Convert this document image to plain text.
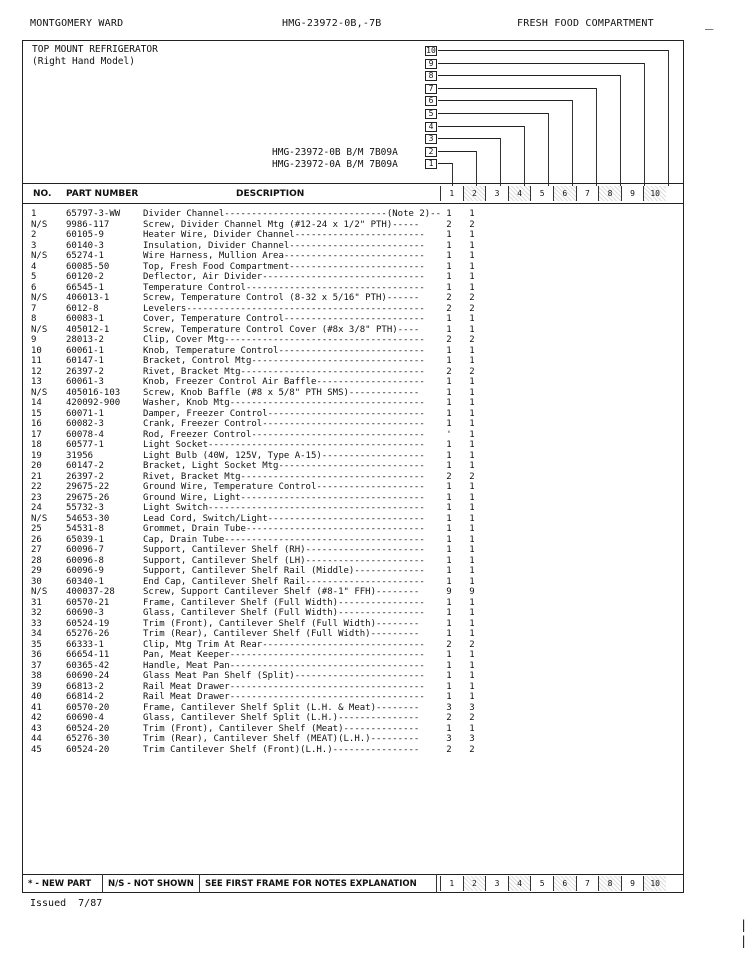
MONTGOMERY WARD	HMG-23972-0B,-7B	FRESH FOOD COMPARTMENT	_
TOP MOUNT REFRIGERATOR
(Right Hand Model)
HMG-23972-0B B/M 7B09A
HMG-23972-0A B/M 7B09A
10
9
8
7
6
5
4
3
2
1
NO. PART NUMBER	DESCRIPTION	1	2	3	4	5	6	7	8	9	10
1	65797-3-WW	Divider Channel------------------------------(Note 2)-- 1 1
N/S 9986-117	Screw, Divider Channel Mtg (#12-24 x 1/2" PTH)-----	2 2
2	60105-9	Heater Wire, Divider Channel------------------------ 1 1
3	60140-3	Insulation, Divider Channel------------------------- 1 1
N/S 65274-1	Wire Harness, Mullion Area-------------------------- 1 1
4	60085-50	Top, Fresh Food Compartment------------------------- 1 1
5	60120-2	Deflector, Air Divider------------------------------ 1 1
6	66545-1	Temperature Control--------------------------------- 1 1
N/S 406013-1	Screw, Temperature Control (8-32 x 5/16" PTH)------	2 2
7	6012-8	Levelers-------------------------------------------- 2 2
8	60083-1	Cover, Temperature Control-------------------------- 1 1
N/S 405012-1	Screw, Temperature Control Cover (#8x 3/8" PTH)----	1 1
9	28013-2	Clip, Cover Mtg------------------------------------- 2 2
10	60061-1	Knob, Temperature Control--------------------------- 1 1
11	60147-1	Bracket, Control Mtg-------------------------------- 1 1
12	26397-2	Rivet, Bracket Mtg---------------------------------- 2 2
13	60061-3	Knob, Freezer Control Air Baffle-------------------- 1 1
N/S 405016-103	Screw, Knob Baffle (#8 x 5/8" PTH SMS)-------------	1 1
14	420092-900	Washer, Knob Mtg------------------------------------ 1 1
15	60071-1	Damper, Freezer Control----------------------------- 1 1
16	60082-3	Crank, Freezer Control------------------------------ 1 1
17	60078-4	Rod, Freezer Control-------------------------------- ' 1
18	60577-1	Light Socket---------------------------------------- 1 1
19	31956	Light Bulb (40W, 125V, Type A-15)------------------- 1 1
20	60147-2	Bracket, Light Socket Mtg--------------------------- 1 1
21	26397-2	Rivet, Bracket Mtg---------------------------------- 2 2
22	29675-22	Ground Wire, Temperature Control-------------------- 1 1
23	29675-26	Ground Wire, Light---------------------------------- 1 1
24	55732-3	Light Switch---------------------------------------- 1 1
N/S 54653-30	Lead Cord, Switch/Light----------------------------- 1 1
25	54531-8	Grommet, Drain Tube--------------------------------- 1 1
26	65039-1	Cap, Drain Tube------------------------------------- 1 1
27	60096-7	Support, Cantilever Shelf (RH)---------------------- 1 1
28	60096-8	Support, Cantilever Shelf (LH)---------------------- 1 1
29	60096-9	Support, Cantilever Shelf Rail (Middle)------------- 1 1
30	60340-1	End Cap, Cantilever Shelf Rail---------------------- 1 1
N/S 400037-28	Screw, Support Cantilever Shelf (#8-1" FFH)--------	9 9
31	60570-21	Frame, Cantilever Shelf (Full Width)---------------- 1 1
32	60690-3	Glass, Cantilever Shelf (Full Width)---------------- 1 1
33	60524-19	Trim (Front), Cantilever Shelf (Full Width)--------	1 1
34	65276-26	Trim (Rear), Cantilever Shelf (Full Width)---------	1 1
35	66333-1	Clip, Mtg Trim At Rear------------------------------ 2 2
36	66654-11	Pan, Meat Keeper------------------------------------ 1 1
37	60365-42	Handle, Meat Pan------------------------------------ 1 1
38	60690-24	Glass Meat Pan Shelf (Split)------------------------ 1 1
39	66813-2	Rail Meat Drawer------------------------------------ 1 1
40	66814-2	Rail Meat Drawer------------------------------------ 1 1
41	60570-20	Frame, Cantilever Shelf Split (L.H. & Meat)--------	3 3
42	60690-4	Glass, Cantilever Shelf Split (L.H.)---------------	2 2
43	60524-20	Trim (Front), Cantilever Shelf (Meat)--------------	1 1
44	65276-30	Trim (Rear), Cantilever Shelf (MEAT)(L.H.)---------	3 3
45	60524-20	Trim Cantilever Shelf (Front)(L.H.)----------------	2 2
* - NEW PART N/S - NOT SHOWN SEE FIRST FRAME FOR NOTES EXPLANATION	1	2	3	4	5	6	7	8	9	10
Issued  7/87
|
|
